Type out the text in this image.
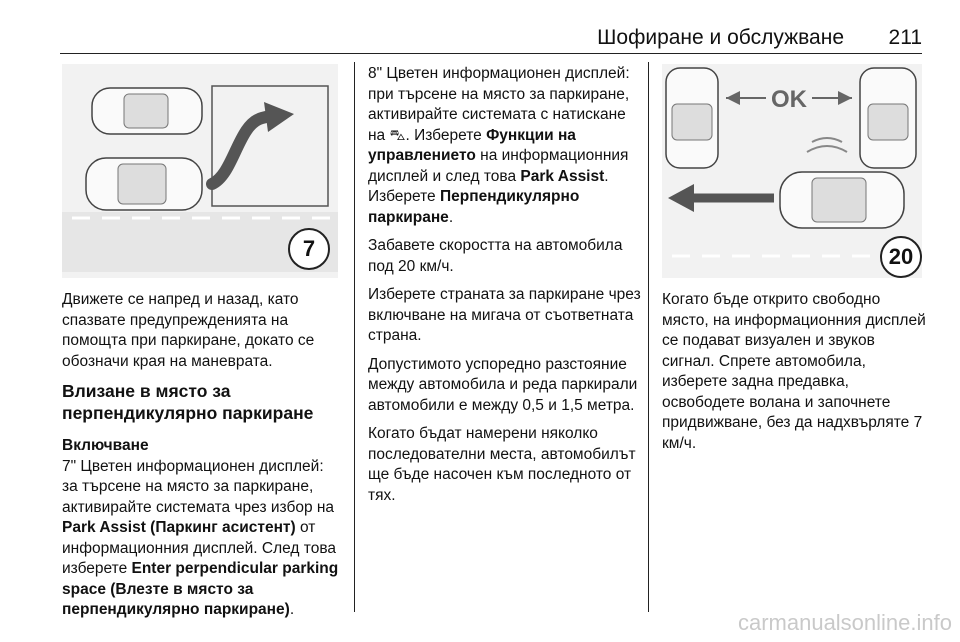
Шофиране и обслужване 211
7

Движете се напред и назад, като спазвате предупрежденията на помощта при паркиране, докато се обозначи края на маневрата.

Влизане в място за перпендикулярно паркиране

Включване

7" Цветен информационен дисплей: за търсене на място за паркиране, активирайте системата чрез избор на Park Assist (Паркинг асистент) от информационния дисплей. След това изберете Enter perpendicular parking space (Влезте в място за перпендикулярно паркиране).

8" Цветен информационен дисплей: при търсене на място за паркиране, активирайте системата с натискане на ⛍. Изберете Функции на управлението на информационния дисплей и след това Park Assist. Изберете Перпендикулярно паркиране.

Забавете скоростта на автомобила под 20 км/ч.

Изберете страната за паркиране чрез включване на мигача от съответната страна.

Допустимото успоредно разстояние между автомобила и реда паркирали автомобили е между 0,5 и 1,5 метра.

Когато бъдат намерени няколко последователни места, автомобилът ще бъде насочен към последното от тях.

OK
20

Когато бъде открито свободно място, на информационния дисплей се подават визуален и звуков сигнал. Спрете автомобила, изберете задна предавка, освободете волана и започнете придвижване, без да надхвърляте 7 км/ч.

carmanualsonline.info
